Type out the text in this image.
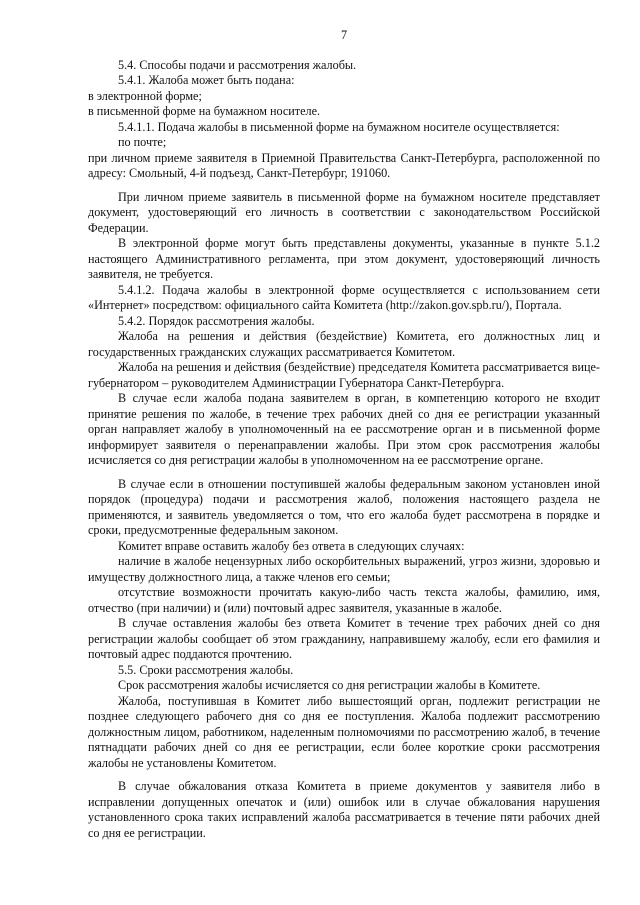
7

5.4. Способы подачи и рассмотрения жалобы.

5.4.1. Жалоба может быть подана:

в электронной форме;

в письменной форме на бумажном носителе.

5.4.1.1. Подача жалобы в письменной форме на бумажном носителе осуществляется:

по почте;

при личном приеме заявителя в Приемной Правительства Санкт-Петербурга, расположенной по адресу: Смольный, 4-й подъезд, Санкт-Петербург, 191060.

При личном приеме заявитель в письменной форме на бумажном носителе представляет документ, удостоверяющий его личность в соответствии с законодательством Российской Федерации.

В электронной форме могут быть представлены документы, указанные в пункте 5.1.2 настоящего Административного регламента, при этом документ, удостоверяющий личность заявителя, не требуется.

5.4.1.2. Подача жалобы в электронной форме осуществляется с использованием сети «Интернет» посредством: официального сайта Комитета (http://zakon.gov.spb.ru/), Портала.

5.4.2. Порядок рассмотрения жалобы.

Жалоба на решения и действия (бездействие) Комитета, его должностных лиц и государственных гражданских служащих рассматривается Комитетом.

Жалоба на решения и действия (бездействие) председателя Комитета рассматривается вице-губернатором – руководителем Администрации Губернатора Санкт-Петербурга.

В случае если жалоба подана заявителем в орган, в компетенцию которого не входит принятие решения по жалобе, в течение трех рабочих дней со дня ее регистрации указанный орган направляет жалобу в уполномоченный на ее рассмотрение орган и в письменной форме информирует заявителя о перенаправлении жалобы. При этом срок рассмотрения жалобы исчисляется со дня регистрации жалобы в уполномоченном на ее рассмотрение органе.

В случае если в отношении поступившей жалобы федеральным законом установлен иной порядок (процедура) подачи и рассмотрения жалоб, положения настоящего раздела не применяются, и заявитель уведомляется о том, что его жалоба будет рассмотрена в порядке и сроки, предусмотренные федеральным законом.

Комитет вправе оставить жалобу без ответа в следующих случаях:

наличие в жалобе нецензурных либо оскорбительных выражений, угроз жизни, здоровью и имуществу должностного лица, а также членов его семьи;

отсутствие возможности прочитать какую-либо часть текста жалобы, фамилию, имя, отчество (при наличии) и (или) почтовый адрес заявителя, указанные в жалобе.

В случае оставления жалобы без ответа Комитет в течение трех рабочих дней со дня регистрации жалобы сообщает об этом гражданину, направившему жалобу, если его фамилия и почтовый адрес поддаются прочтению.

5.5. Сроки рассмотрения жалобы.

Срок рассмотрения жалобы исчисляется со дня регистрации жалобы в Комитете.

Жалоба, поступившая в Комитет либо вышестоящий орган, подлежит регистрации не позднее следующего рабочего дня со дня ее поступления. Жалоба подлежит рассмотрению должностным лицом, работником, наделенным полномочиями по рассмотрению жалоб, в течение пятнадцати рабочих дней со дня ее регистрации, если более короткие сроки рассмотрения жалобы не установлены Комитетом.

В случае обжалования отказа Комитета в приеме документов у заявителя либо в исправлении допущенных опечаток и (или) ошибок или в случае обжалования нарушения установленного срока таких исправлений жалоба рассматривается в течение пяти рабочих дней со дня ее регистрации.
